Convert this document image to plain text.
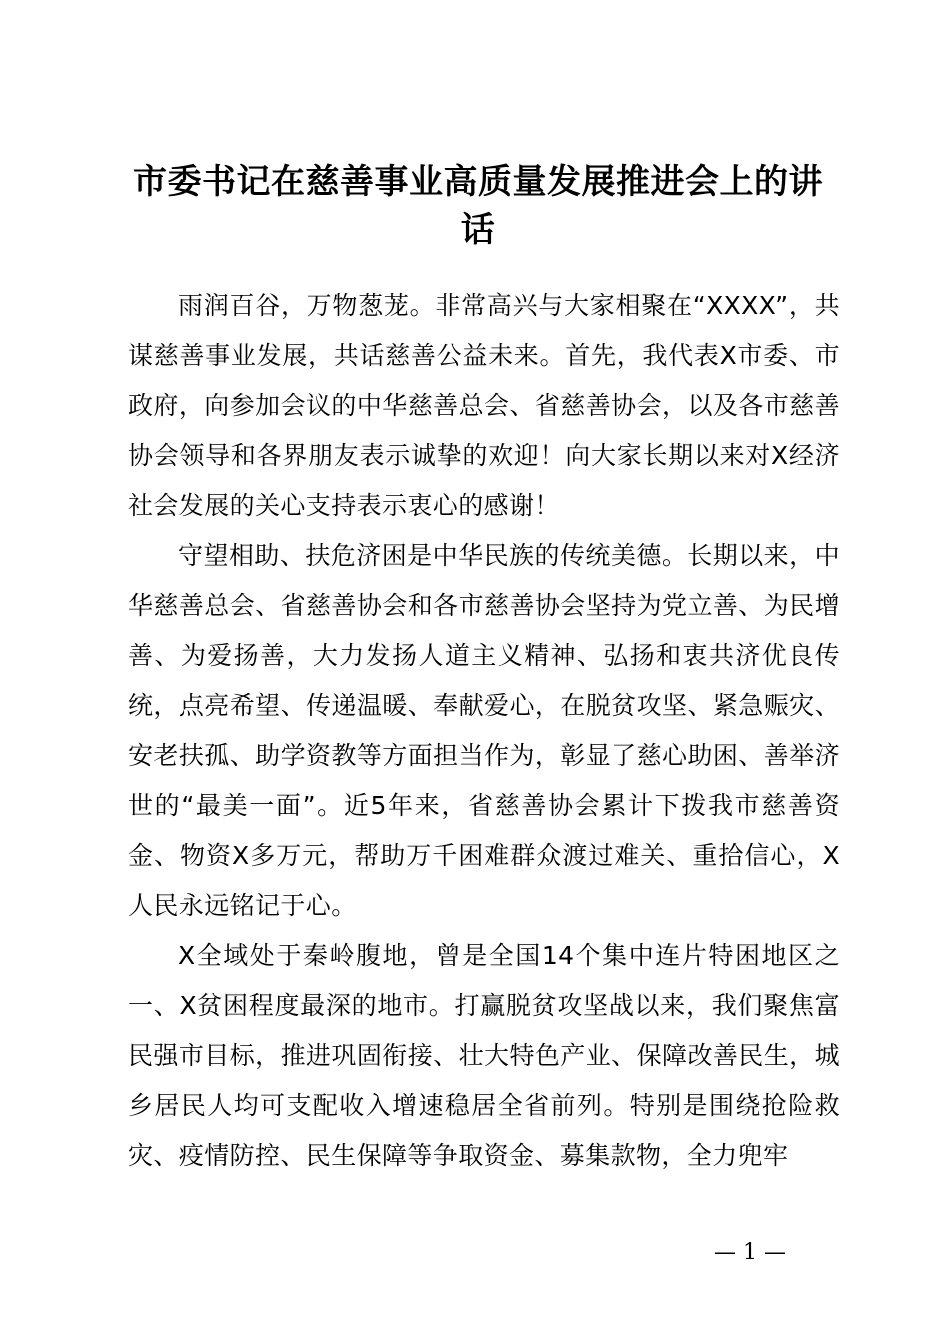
市委书记在慈善事业高质量发展推进会上的讲话

雨润百谷，万物葱茏。非常高兴与大家相聚在“XXXX”，共谋慈善事业发展，共话慈善公益未来。首先，我代表X市委、市政府，向参加会议的中华慈善总会、省慈善协会，以及各市慈善协会领导和各界朋友表示诚挚的欢迎！向大家长期以来对X经济社会发展的关心支持表示衷心的感谢！

守望相助、扶危济困是中华民族的传统美德。长期以来，中华慈善总会、省慈善协会和各市慈善协会坚持为党立善、为民增善、为爱扬善，大力发扬人道主义精神、弘扬和衷共济优良传统，点亮希望、传递温暖、奉献爱心，在脱贫攻坚、紧急赈灾、安老扶孤、助学资教等方面担当作为，彰显了慈心助困、善举济世的“最美一面”。近5年来，省慈善协会累计下拨我市慈善资金、物资X多万元，帮助万千困难群众渡过难关、重拾信心，X人民永远铭记于心。

X全域处于秦岭腹地，曾是全国14个集中连片特困地区之一、X贫困程度最深的地市。打赢脱贫攻坚战以来，我们聚焦富民强市目标，推进巩固衔接、壮大特色产业、保障改善民生，城乡居民人均可支配收入增速稳居全省前列。特别是围绕抢险救灾、疫情防控、民生保障等争取资金、募集款物，全力兜牢

— 1 —
